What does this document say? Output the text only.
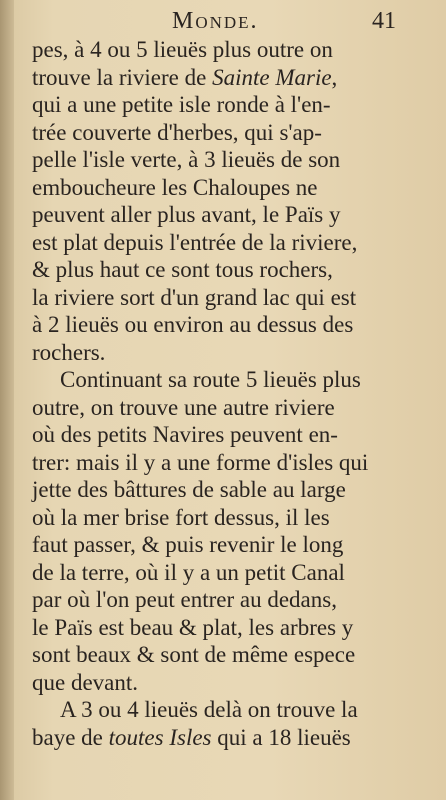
Monde.	41
pes, à 4 ou 5 lieuës plus outre on
trouve la riviere de Sainte Marie,
qui a une petite isle ronde à l'en-
trée couverte d'herbes, qui s'ap-
pelle l'isle verte, à 3 lieuës de son
emboucheure les Chaloupes ne
peuvent aller plus avant, le Païs y
est plat depuis l'entrée de la riviere,
& plus haut ce sont tous rochers,
la riviere sort d'un grand lac qui est
à 2 lieuës ou environ au dessus des
rochers.
Continuant sa route 5 lieuës plus
outre, on trouve une autre riviere
où des petits Navires peuvent en-
trer: mais il y a une forme d'isles qui
jette des bâttures de sable au large
où la mer brise fort dessus, il les
faut passer, & puis revenir le long
de la terre, où il y a un petit Canal
par où l'on peut entrer au dedans,
le Païs est beau & plat, les arbres y
sont beaux & sont de même espece
que devant.
A 3 ou 4 lieuës delà on trouve la
baye de toutes Isles qui a 18 lieuës
